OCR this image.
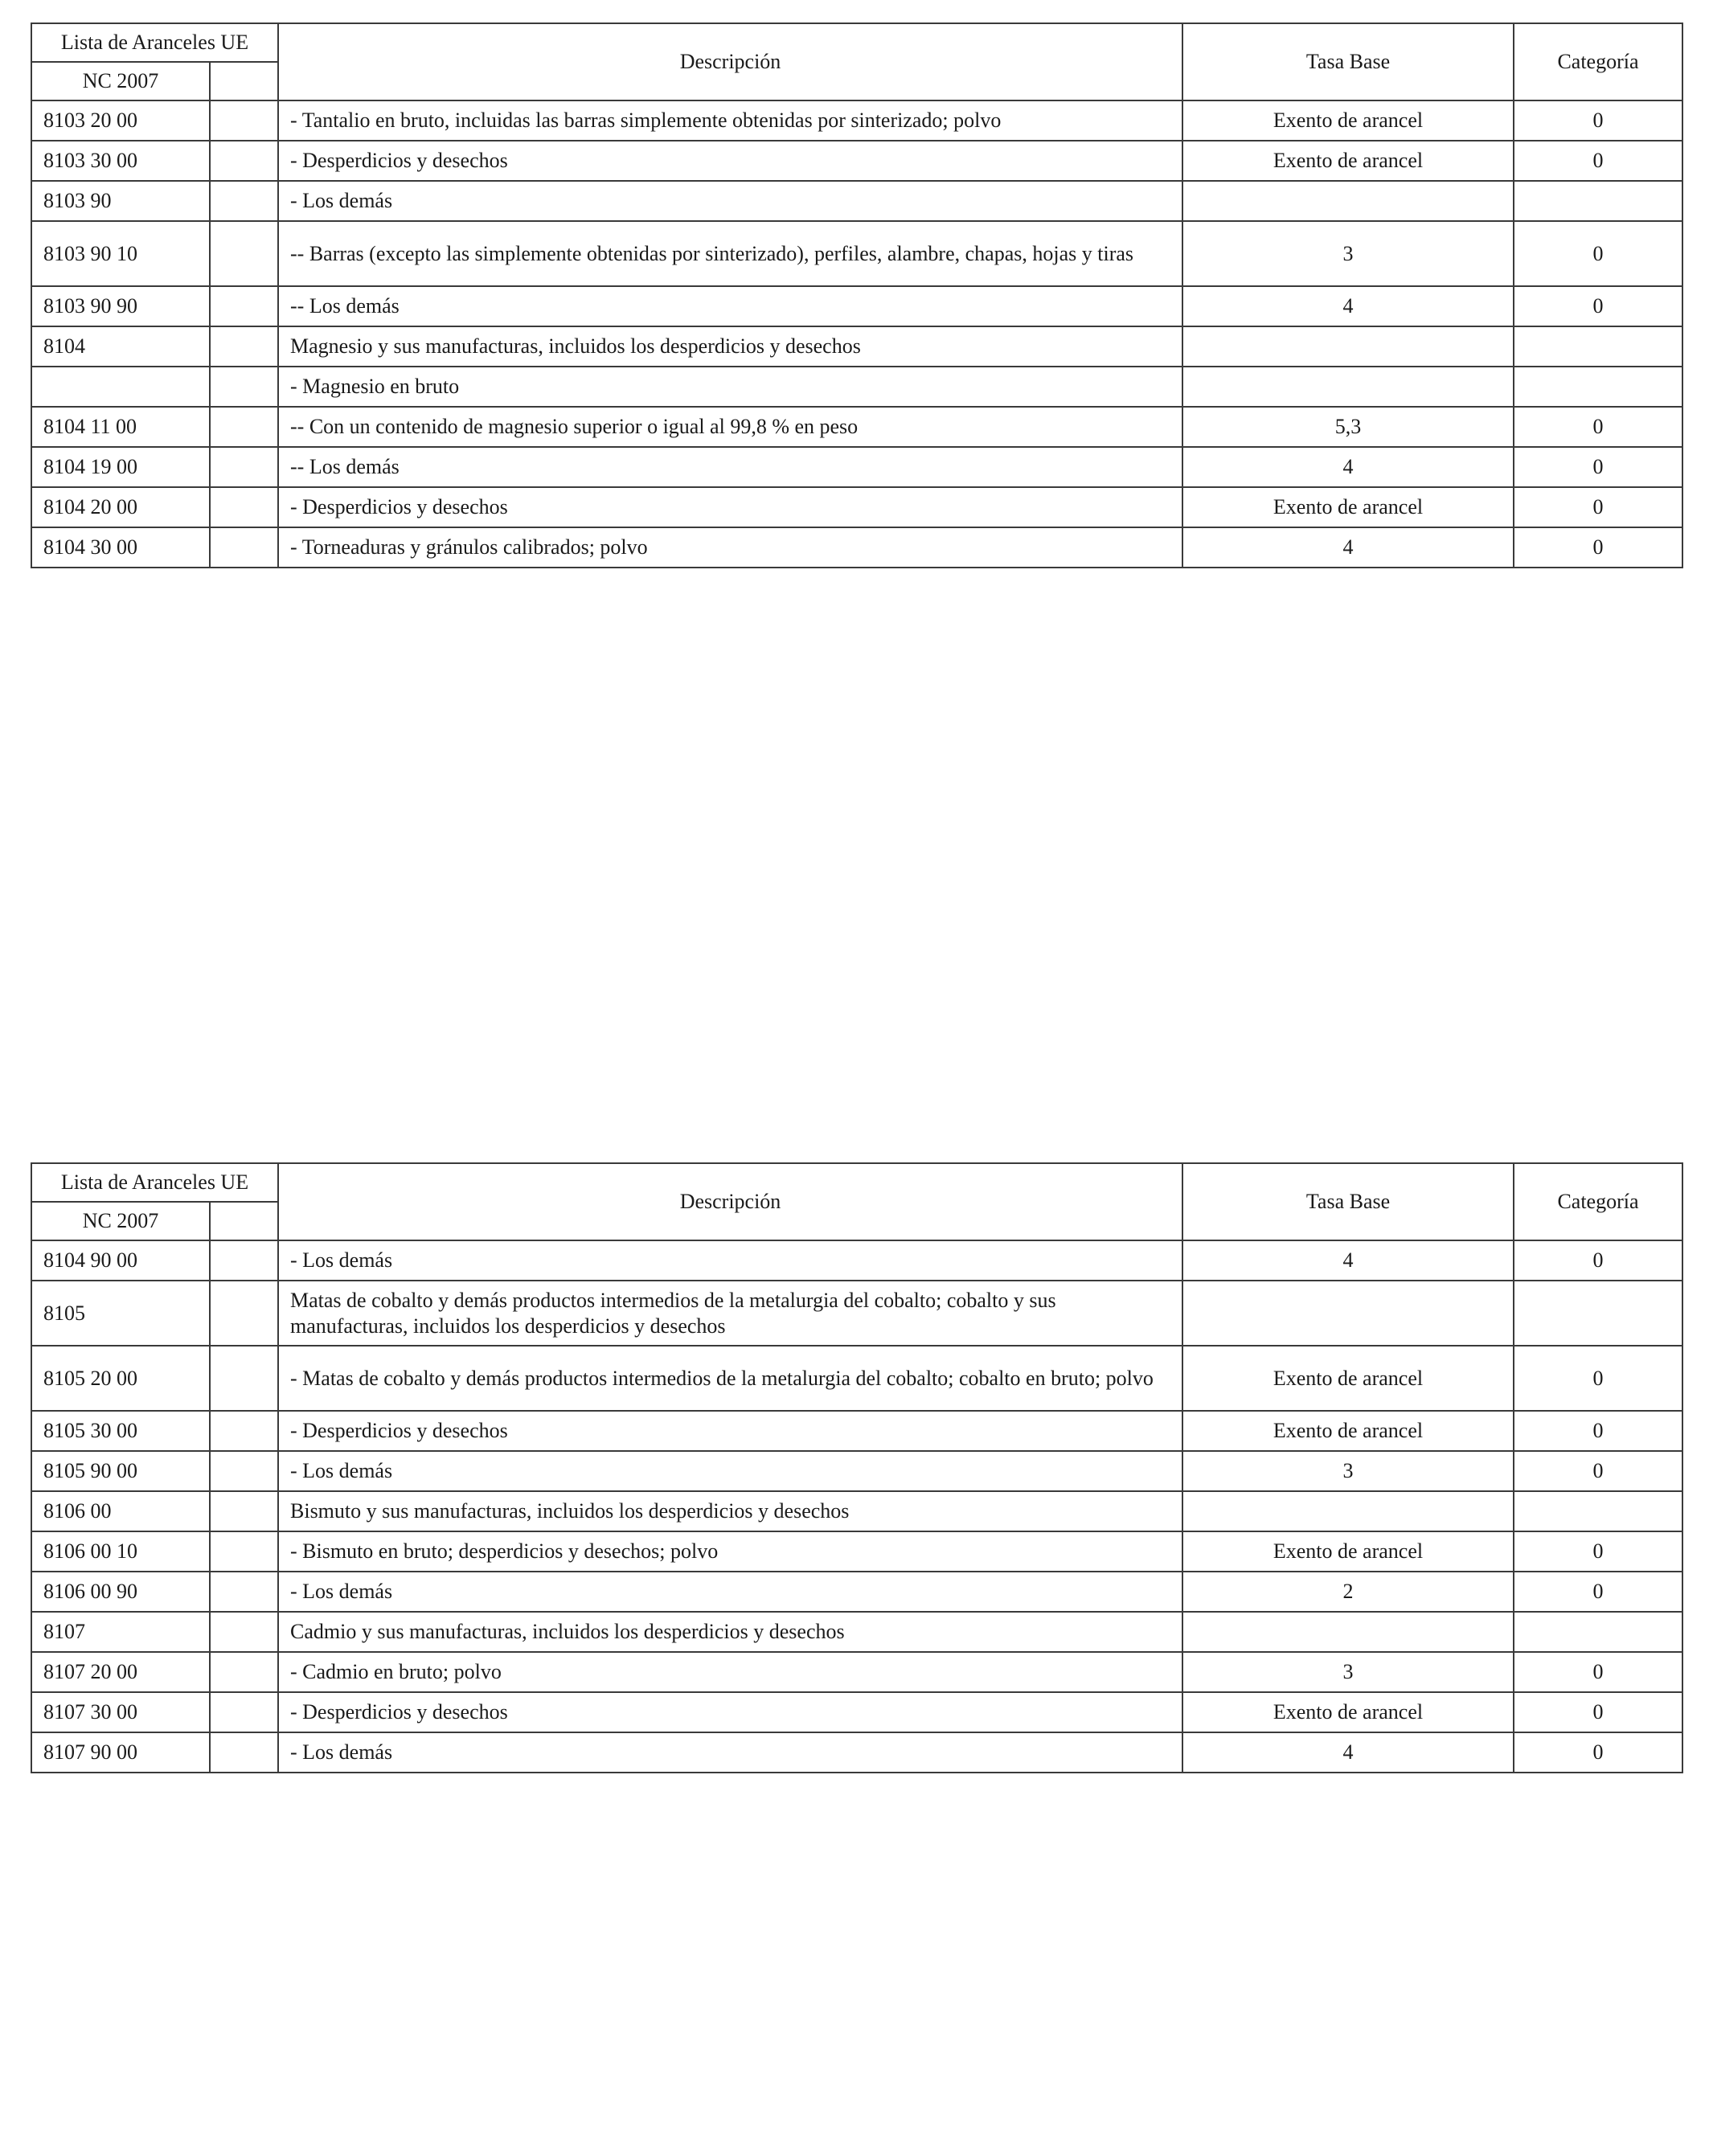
Lista de Aranceles UE		Descripción	Tasa Base	Categoría
NC 2007				
8103 20 00		- Tantalio en bruto, incluidas las barras simplemente obtenidas por sinterizado; polvo	Exento de arancel	0
8103 30 00		- Desperdicios y desechos	Exento de arancel	0
8103 90		- Los demás		
8103 90 10		-- Barras (excepto las simplemente obtenidas por sinterizado), perfiles, alambre, chapas, hojas y tiras	3	0
8103 90 90		-- Los demás	4	0
8104		Magnesio y sus manufacturas, incluidos los desperdicios y desechos		
		- Magnesio en bruto		
8104 11 00		-- Con un contenido de magnesio superior o igual al 99,8 % en peso	5,3	0
8104 19 00		-- Los demás	4	0
8104 20 00		- Desperdicios y desechos	Exento de arancel	0
8104 30 00		- Torneaduras y gránulos calibrados; polvo	4	0
Lista de Aranceles UE		Descripción	Tasa Base	Categoría
NC 2007				
8104 90 00		- Los demás	4	0
8105		Matas de cobalto y demás productos intermedios de la metalurgia del cobalto; cobalto y sus manufacturas, incluidos los desperdicios y desechos		
8105 20 00		- Matas de cobalto y demás productos intermedios de la metalurgia del cobalto; cobalto en bruto; polvo	Exento de arancel	0
8105 30 00		- Desperdicios y desechos	Exento de arancel	0
8105 90 00		- Los demás	3	0
8106 00		Bismuto y sus manufacturas, incluidos los desperdicios y desechos		
8106 00 10		- Bismuto en bruto; desperdicios y desechos; polvo	Exento de arancel	0
8106 00 90		- Los demás	2	0
8107		Cadmio y sus manufacturas, incluidos los desperdicios y desechos		
8107 20 00		- Cadmio en bruto; polvo	3	0
8107 30 00		- Desperdicios y desechos	Exento de arancel	0
8107 90 00		- Los demás	4	0
